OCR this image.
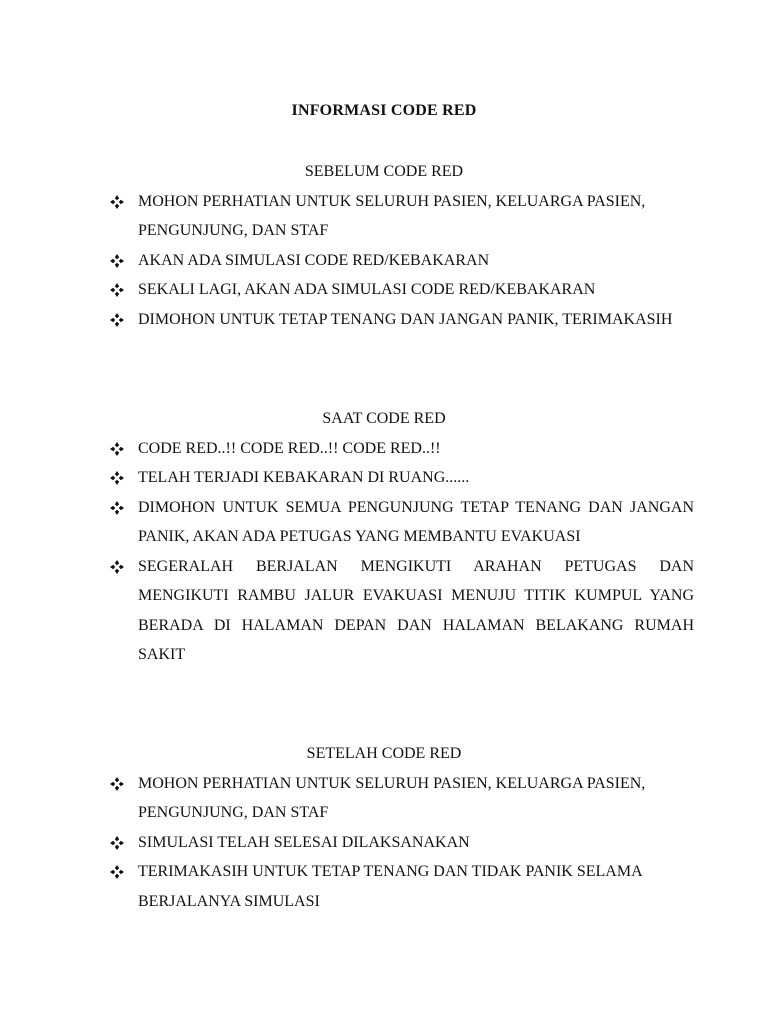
INFORMASI CODE RED
SEBELUM CODE RED
MOHON PERHATIAN UNTUK SELURUH PASIEN, KELUARGA PASIEN, PENGUNJUNG, DAN STAF
AKAN ADA SIMULASI CODE RED/KEBAKARAN
SEKALI LAGI, AKAN ADA SIMULASI CODE RED/KEBAKARAN
DIMOHON UNTUK TETAP TENANG DAN JANGAN PANIK, TERIMAKASIH
SAAT CODE RED
CODE RED..!! CODE RED..!! CODE RED..!!
TELAH TERJADI KEBAKARAN DI RUANG......
DIMOHON UNTUK SEMUA PENGUNJUNG TETAP TENANG DAN JANGAN PANIK, AKAN ADA PETUGAS YANG MEMBANTU EVAKUASI
SEGERALAH BERJALAN MENGIKUTI ARAHAN PETUGAS DAN MENGIKUTI RAMBU JALUR EVAKUASI MENUJU TITIK KUMPUL YANG BERADA DI HALAMAN DEPAN DAN HALAMAN BELAKANG RUMAH SAKIT
SETELAH CODE RED
MOHON PERHATIAN UNTUK SELURUH PASIEN, KELUARGA PASIEN, PENGUNJUNG, DAN STAF
SIMULASI TELAH SELESAI DILAKSANAKAN
TERIMAKASIH UNTUK TETAP TENANG DAN TIDAK PANIK SELAMA BERJALANYA SIMULASI
